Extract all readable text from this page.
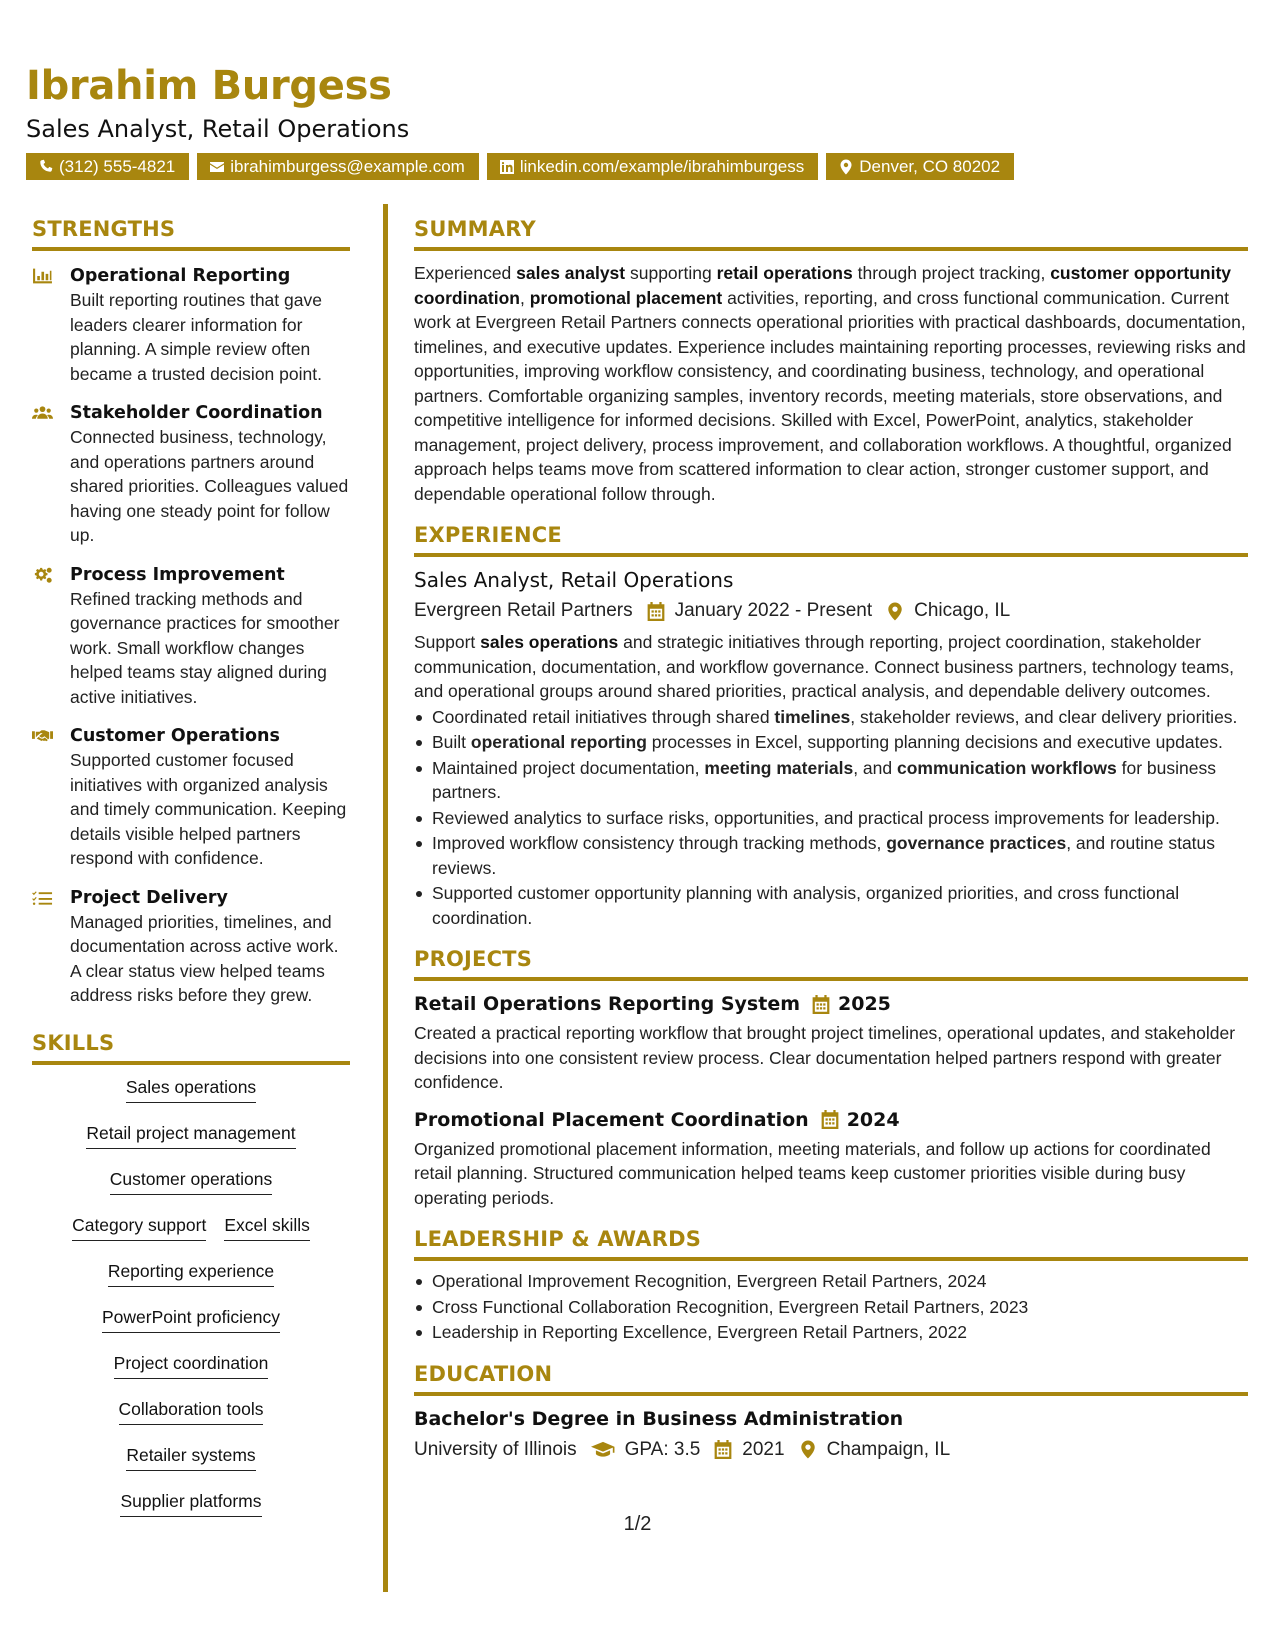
Ibrahim Burgess
Sales Analyst, Retail Operations
(312) 555-4821	ibrahimburgess@example.com	linkedin.com/example/ibrahimburgess	Denver, CO 80202
STRENGTHS
Operational Reporting
Built reporting routines that gave leaders clearer information for planning. A simple review often became a trusted decision point.
Stakeholder Coordination
Connected business, technology, and operations partners around shared priorities. Colleagues valued having one steady point for follow up.
Process Improvement
Refined tracking methods and governance practices for smoother work. Small workflow changes helped teams stay aligned during active initiatives.
Customer Operations
Supported customer focused initiatives with organized analysis and timely communication. Keeping details visible helped partners respond with confidence.
Project Delivery
Managed priorities, timelines, and documentation across active work. A clear status view helped teams address risks before they grew.
SKILLS
Sales operations
Retail project management
Customer operations
Category support Excel skills
Reporting experience
PowerPoint proficiency
Project coordination
Collaboration tools
Retailer systems
Supplier platforms
SUMMARY

Experienced sales analyst supporting retail operations through project tracking, customer opportunity coordination, promotional placement activities, reporting, and cross functional communication. Current work at Evergreen Retail Partners connects operational priorities with practical dashboards, documentation, timelines, and executive updates. Experience includes maintaining reporting processes, reviewing risks and opportunities, improving workflow consistency, and coordinating business, technology, and operational partners. Comfortable organizing samples, inventory records, meeting materials, store observations, and competitive intelligence for informed decisions. Skilled with Excel, PowerPoint, analytics, stakeholder management, project delivery, process improvement, and collaboration workflows. A thoughtful, organized approach helps teams move from scattered information to clear action, stronger customer support, and dependable operational follow through.

EXPERIENCE
Sales Analyst, Retail Operations
Evergreen Retail Partners January 2022 - Present Chicago, IL

Support sales operations and strategic initiatives through reporting, project coordination, stakeholder communication, documentation, and workflow governance. Connect business partners, technology teams, and operational groups around shared priorities, practical analysis, and dependable delivery outcomes.

Coordinated retail initiatives through shared timelines, stakeholder reviews, and clear delivery priorities.
Built operational reporting processes in Excel, supporting planning decisions and executive updates.
Maintained project documentation, meeting materials, and communication workflows for business partners.
Reviewed analytics to surface risks, opportunities, and practical process improvements for leadership.
Improved workflow consistency through tracking methods, governance practices, and routine status reviews.
Supported customer opportunity planning with analysis, organized priorities, and cross functional coordination.
PROJECTS
Retail Operations Reporting System 2025

Created a practical reporting workflow that brought project timelines, operational updates, and stakeholder decisions into one consistent review process. Clear documentation helped partners respond with greater confidence.

Promotional Placement Coordination 2024

Organized promotional placement information, meeting materials, and follow up actions for coordinated retail planning. Structured communication helped teams keep customer priorities visible during busy operating periods.

LEADERSHIP & AWARDS
Operational Improvement Recognition, Evergreen Retail Partners, 2024
Cross Functional Collaboration Recognition, Evergreen Retail Partners, 2023
Leadership in Reporting Excellence, Evergreen Retail Partners, 2022
EDUCATION
Bachelor's Degree in Business Administration
University of Illinois	GPA: 3.5 2021 Champaign, IL
1/2
